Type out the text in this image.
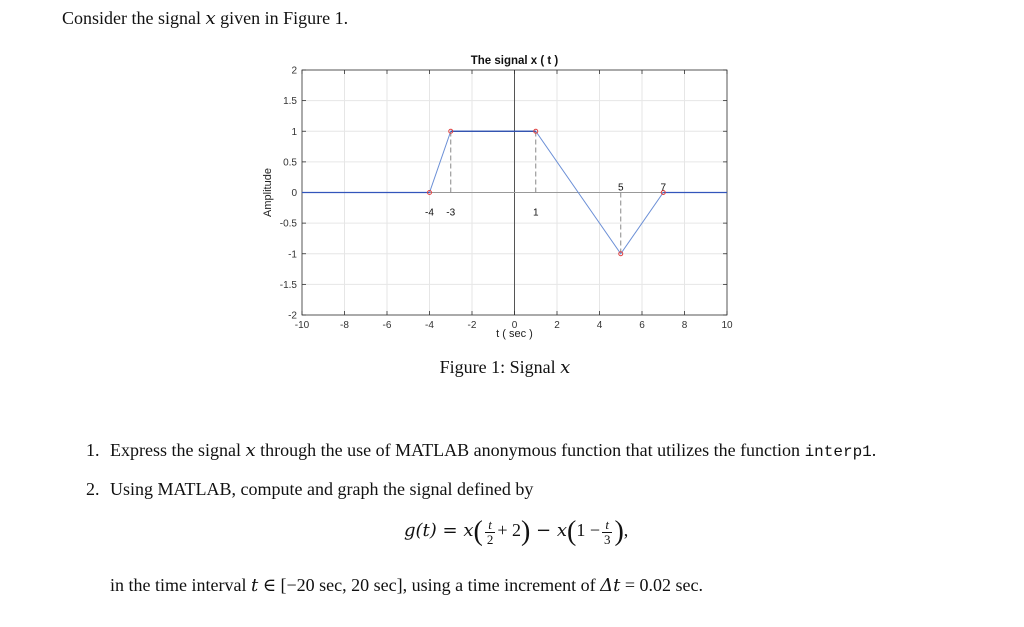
Consider the signal x given in Figure 1.
-10	-8	-6	-4	-2	0	2	4	6	8	10
-2
-1.5
-1
-0.5
0
0.5
1
1.5
2
-4 -3	1
5	7
The signal x ( t )
t ( sec )
Amplitude
Figure 1: Signal x
1. Express the signal x through the use of MATLAB anonymous function that utilizes the function interp1.
2. Using MATLAB, compute and graph the signal defined by
$g(t) = x( \frac{t}{2} + 2) - x(1 - \frac{t}{3}$ ),
in the time interval t ∈ [−20 sec, 20 sec], using a time increment of Δt = 0.02 sec.
